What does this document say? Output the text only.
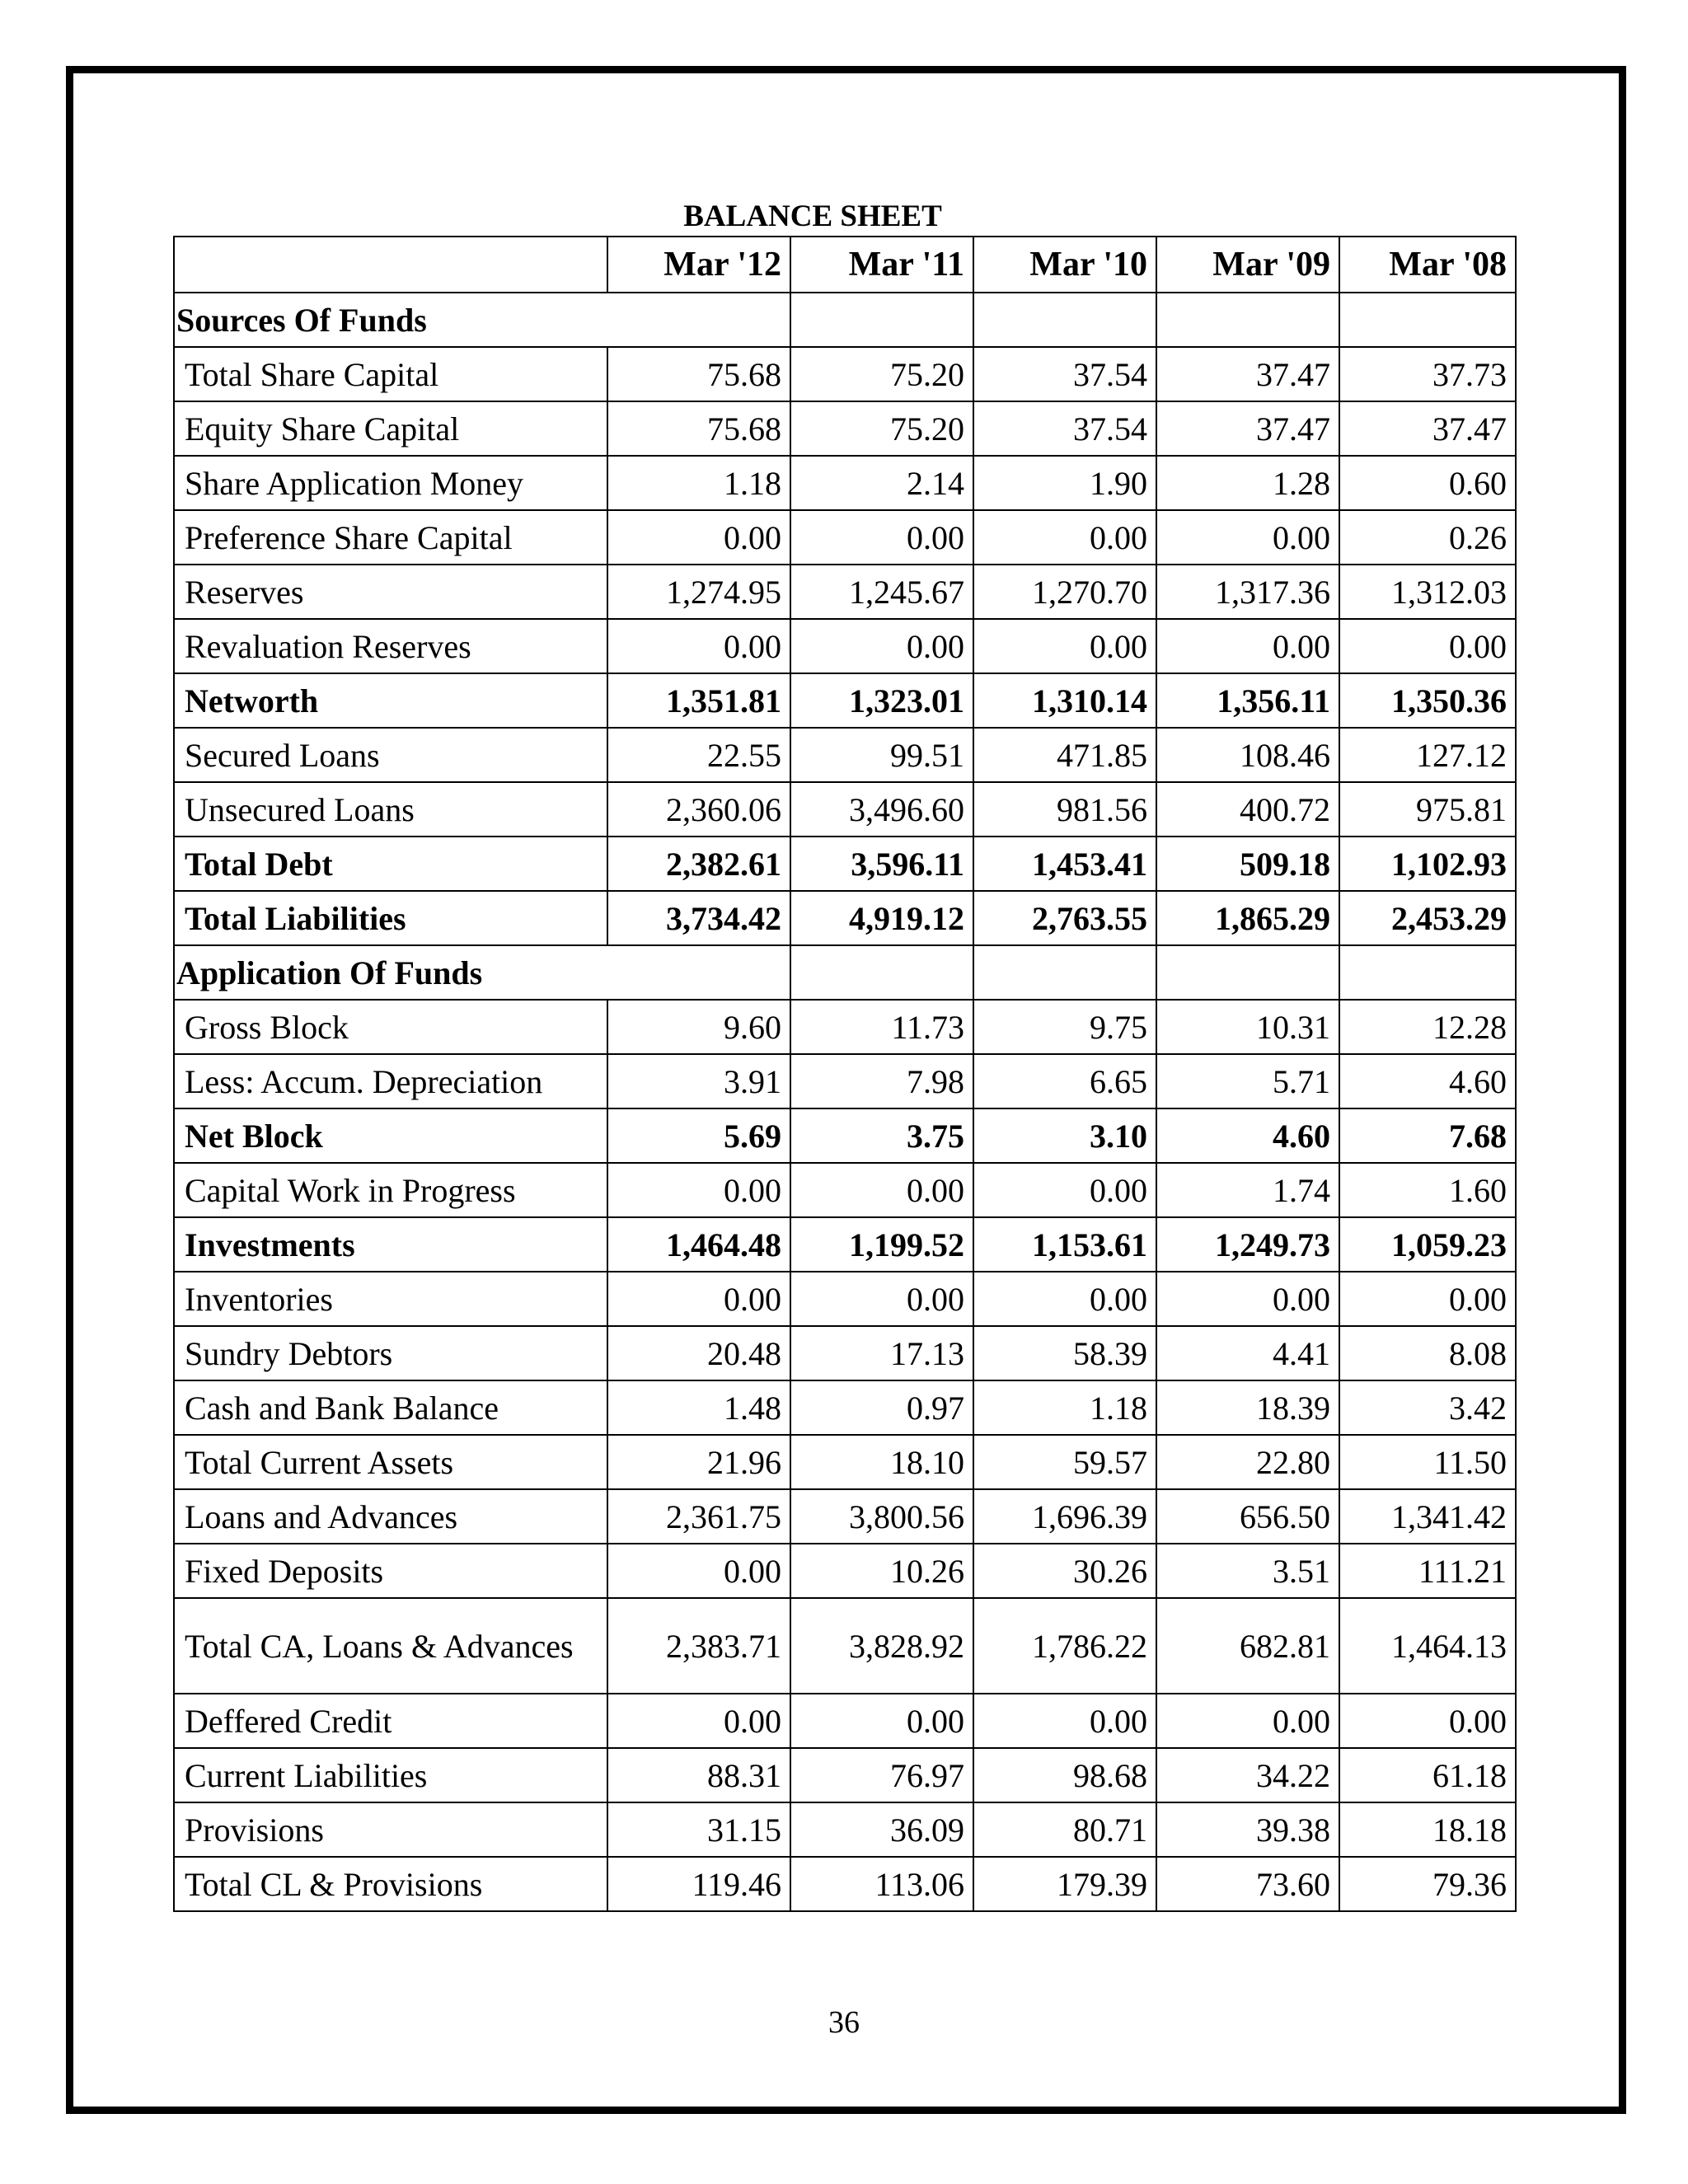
BALANCE SHEET
	Mar '12	Mar '11	Mar '10	Mar '09	Mar '08
Sources Of Funds					
Total Share Capital	75.68	75.20	37.54	37.47	37.73
Equity Share Capital	75.68	75.20	37.54	37.47	37.47
Share Application Money	1.18	2.14	1.90	1.28	0.60
Preference Share Capital	0.00	0.00	0.00	0.00	0.26
Reserves	1,274.95	1,245.67	1,270.70	1,317.36	1,312.03
Revaluation Reserves	0.00	0.00	0.00	0.00	0.00
Networth	1,351.81	1,323.01	1,310.14	1,356.11	1,350.36
Secured Loans	22.55	99.51	471.85	108.46	127.12
Unsecured Loans	2,360.06	3,496.60	981.56	400.72	975.81
Total Debt	2,382.61	3,596.11	1,453.41	509.18	1,102.93
Total Liabilities	3,734.42	4,919.12	2,763.55	1,865.29	2,453.29
Application Of Funds					
Gross Block	9.60	11.73	9.75	10.31	12.28
Less: Accum. Depreciation	3.91	7.98	6.65	5.71	4.60
Net Block	5.69	3.75	3.10	4.60	7.68
Capital Work in Progress	0.00	0.00	0.00	1.74	1.60
Investments	1,464.48	1,199.52	1,153.61	1,249.73	1,059.23
Inventories	0.00	0.00	0.00	0.00	0.00
Sundry Debtors	20.48	17.13	58.39	4.41	8.08
Cash and Bank Balance	1.48	0.97	1.18	18.39	3.42
Total Current Assets	21.96	18.10	59.57	22.80	11.50
Loans and Advances	2,361.75	3,800.56	1,696.39	656.50	1,341.42
Fixed Deposits	0.00	10.26	30.26	3.51	111.21
Total CA, Loans & Advances	2,383.71	3,828.92	1,786.22	682.81	1,464.13
Deffered Credit	0.00	0.00	0.00	0.00	0.00
Current Liabilities	88.31	76.97	98.68	34.22	61.18
Provisions	31.15	36.09	80.71	39.38	18.18
Total CL & Provisions	119.46	113.06	179.39	73.60	79.36
36
